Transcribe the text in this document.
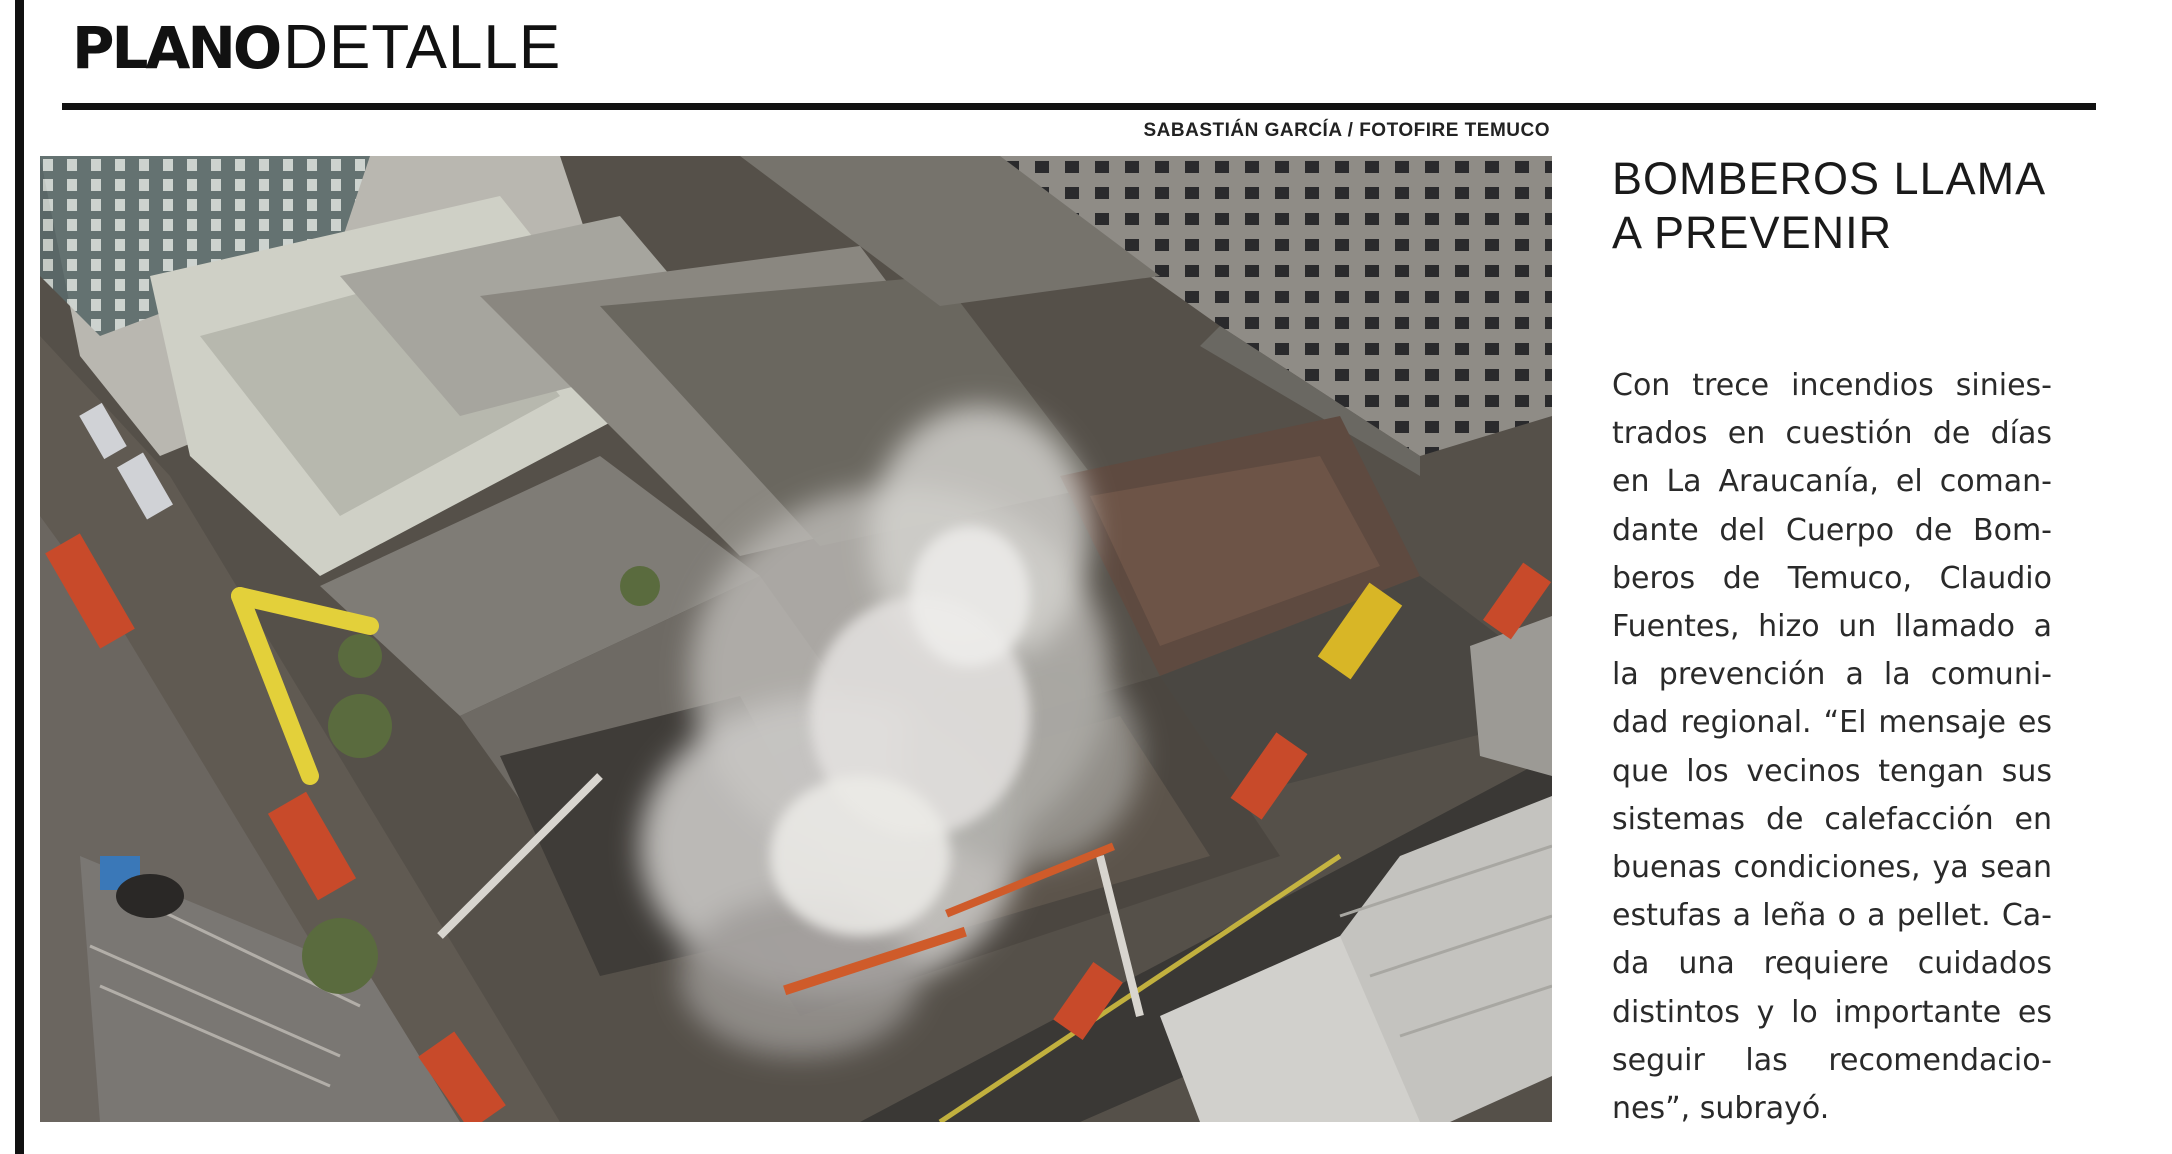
PLANO DETALLE
SABASTIÁN GARCÍA / FOTOFIRE TEMUCO
BOMBEROS LLAMA
A PREVENIR
Con trece incendios sinies-
trados en cuestión de días
en La Araucanía, el coman-
dante del Cuerpo de Bom-
beros de Temuco, Claudio
Fuentes, hizo un llamado a
la prevención a la comuni-
dad regional. “El mensaje es
que los vecinos tengan sus
sistemas de calefacción en
buenas condiciones, ya sean
estufas a leña o a pellet. Ca-
da una requiere cuidados
distintos y lo importante es
seguir las recomendacio-
nes”, subrayó.
